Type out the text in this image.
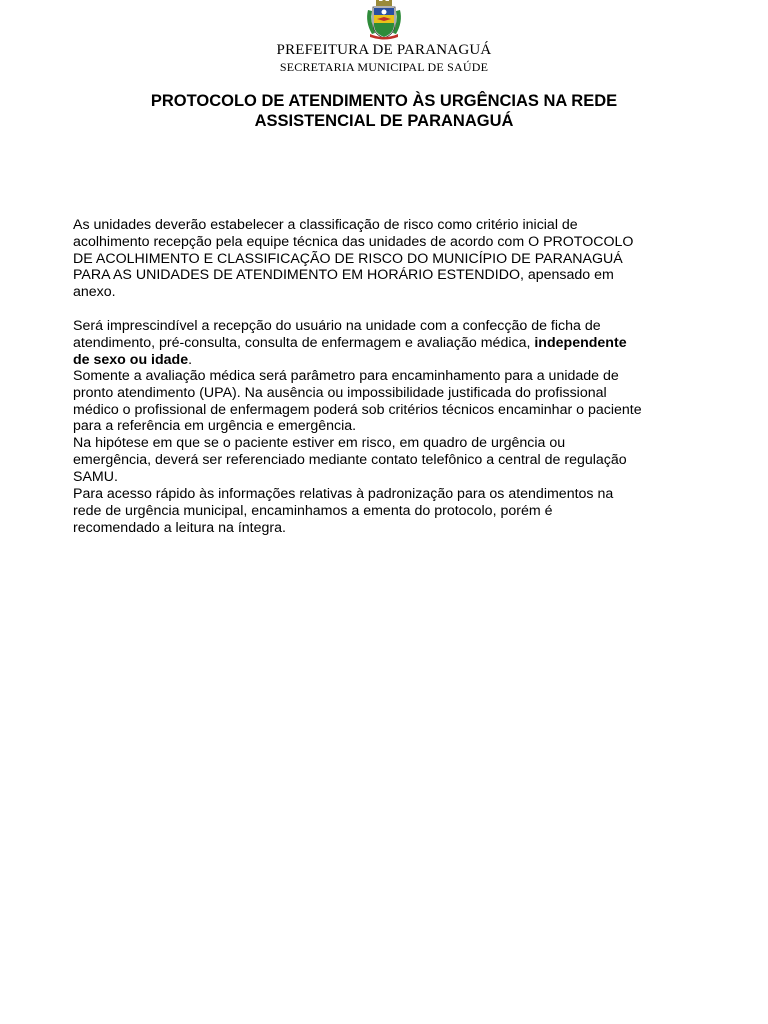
PREFEITURA DE PARANAGUÁ
SECRETARIA MUNICIPAL DE SAÚDE
PROTOCOLO DE ATENDIMENTO ÀS URGÊNCIAS NA REDE
ASSISTENCIAL DE PARANAGUÁ
As unidades deverão estabelecer a classificação de risco como critério inicial de
acolhimento recepção pela equipe técnica das unidades de acordo com O PROTOCOLO
DE ACOLHIMENTO E CLASSIFICAÇÃO DE RISCO DO MUNICÍPIO DE PARANAGUÁ
PARA AS UNIDADES DE ATENDIMENTO EM HORÁRIO ESTENDIDO, apensado em
anexo.
Será imprescindível a recepção do usuário na unidade com a confecção de ficha de
atendimento, pré-consulta, consulta de enfermagem e avaliação médica, independente
de sexo ou idade.
Somente a avaliação médica será parâmetro para encaminhamento para a unidade de
pronto atendimento (UPA). Na ausência ou impossibilidade justificada do profissional
médico o profissional de enfermagem poderá sob critérios técnicos encaminhar o paciente
para a referência em urgência e emergência.
Na hipótese em que se o paciente estiver em risco, em quadro de urgência ou
emergência, deverá ser referenciado mediante contato telefônico a central de regulação
SAMU.
Para acesso rápido às informações relativas à padronização para os atendimentos na
rede de urgência municipal, encaminhamos a ementa do protocolo, porém é
recomendado a leitura na íntegra.
